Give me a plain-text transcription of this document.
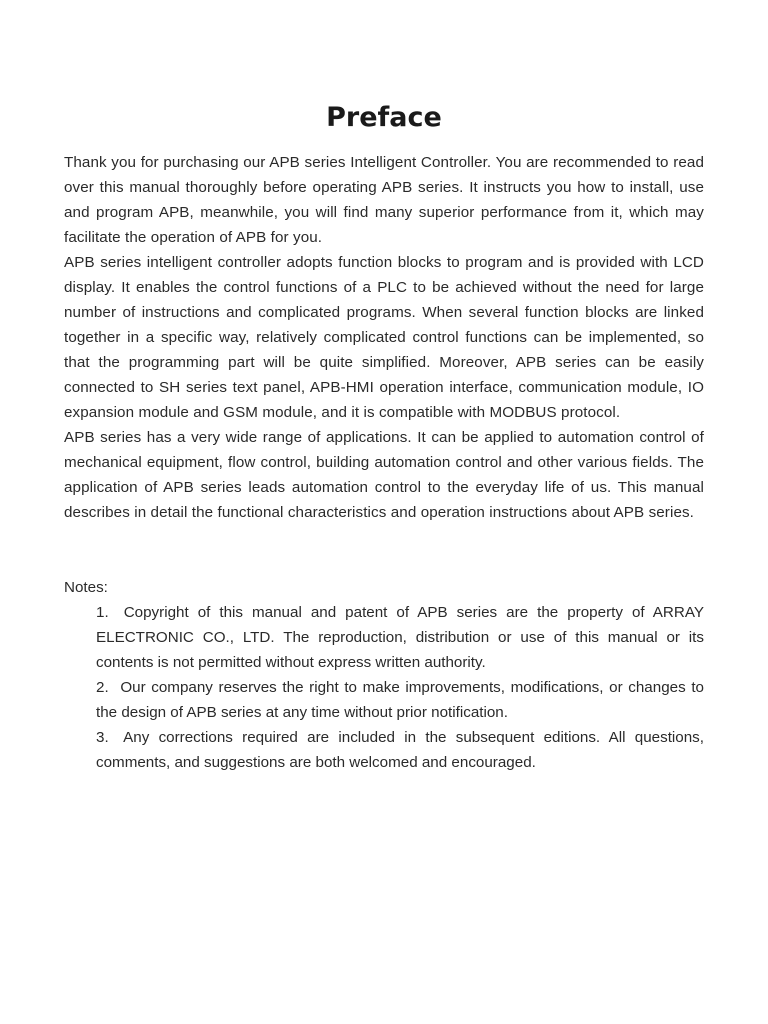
Preface

Thank you for purchasing our APB series Intelligent Controller. You are recommended to read over this manual thoroughly before operating APB series. It instructs you how to install, use and program APB, meanwhile, you will find many superior performance from it, which may facilitate the operation of APB for you.

APB series intelligent controller adopts function blocks to program and is provided with LCD display. It enables the control functions of a PLC to be achieved without the need for large number of instructions and complicated programs. When several function blocks are linked together in a specific way, relatively complicated control functions can be implemented, so that the programming part will be quite simplified. Moreover, APB series can be easily connected to SH series text panel, APB-HMI operation interface, communication module, IO expansion module and GSM module, and it is compatible with MODBUS protocol.

APB series has a very wide range of applications. It can be applied to automation control of mechanical equipment, flow control, building automation control and other various fields. The application of APB series leads automation control to the everyday life of us. This manual describes in detail the functional characteristics and operation instructions about APB series.

Notes:

1. Copyright of this manual and patent of APB series are the property of ARRAY ELECTRONIC CO., LTD. The reproduction, distribution or use of this manual or its contents is not permitted without express written authority.
2. Our company reserves the right to make improvements, modifications, or changes to the design of APB series at any time without prior notification.
3. Any corrections required are included in the subsequent editions. All questions, comments, and suggestions are both welcomed and encouraged.
